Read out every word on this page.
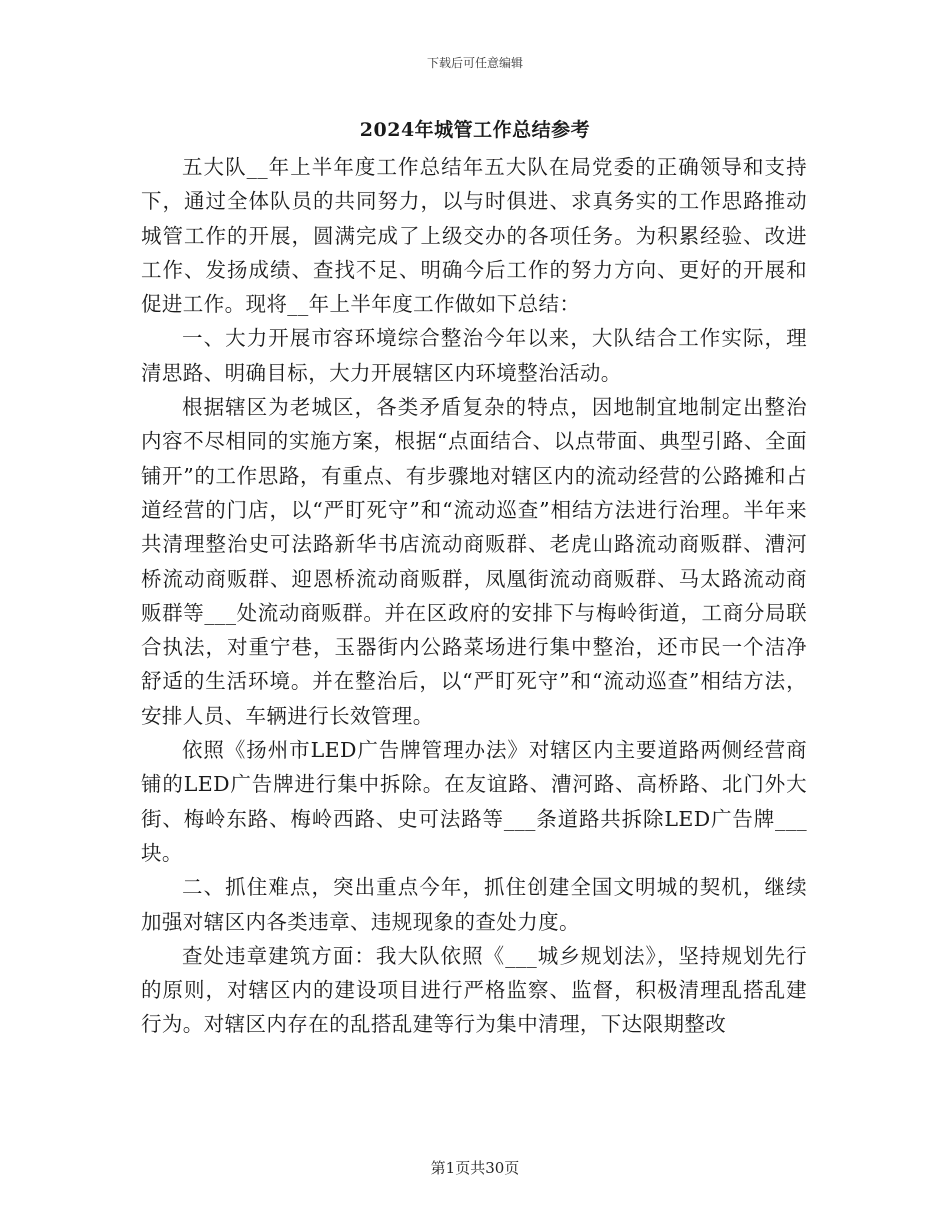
下载后可任意编辑
2024年城管工作总结参考

五大队__年上半年度工作总结年五大队在局党委的正确领导和支持下，通过全体队员的共同努力，以与时俱进、求真务实的工作思路推动城管工作的开展，圆满完成了上级交办的各项任务。为积累经验、改进工作、发扬成绩、查找不足、明确今后工作的努力方向、更好的开展和促进工作。现将__年上半年度工作做如下总结：

一、大力开展市容环境综合整治今年以来，大队结合工作实际，理清思路、明确目标，大力开展辖区内环境整治活动。

根据辖区为老城区，各类矛盾复杂的特点，因地制宜地制定出整治内容不尽相同的实施方案，根据“点面结合、以点带面、典型引路、全面铺开”的工作思路，有重点、有步骤地对辖区内的流动经营的公路摊和占道经营的门店，以“严盯死守”和“流动巡查”相结方法进行治理。半年来共清理整治史可法路新华书店流动商贩群、老虎山路流动商贩群、漕河桥流动商贩群、迎恩桥流动商贩群，凤凰街流动商贩群、马太路流动商贩群等___处流动商贩群。并在区政府的安排下与梅岭街道，工商分局联合执法，对重宁巷，玉器街内公路菜场进行集中整治，还市民一个洁净舒适的生活环境。并在整治后，以“严盯死守”和“流动巡查”相结方法，安排人员、车辆进行长效管理。

依照《扬州市LED广告牌管理办法》对辖区内主要道路两侧经营商铺的LED广告牌进行集中拆除。在友谊路、漕河路、高桥路、北门外大街、梅岭东路、梅岭西路、史可法路等___条道路共拆除LED广告牌___块。

二、抓住难点，突出重点今年，抓住创建全国文明城的契机，继续加强对辖区内各类违章、违规现象的查处力度。

查处违章建筑方面：我大队依照《___城乡规划法》，坚持规划先行的原则，对辖区内的建设项目进行严格监察、监督，积极清理乱搭乱建行为。对辖区内存在的乱搭乱建等行为集中清理，下达限期整改

第1页共30页
